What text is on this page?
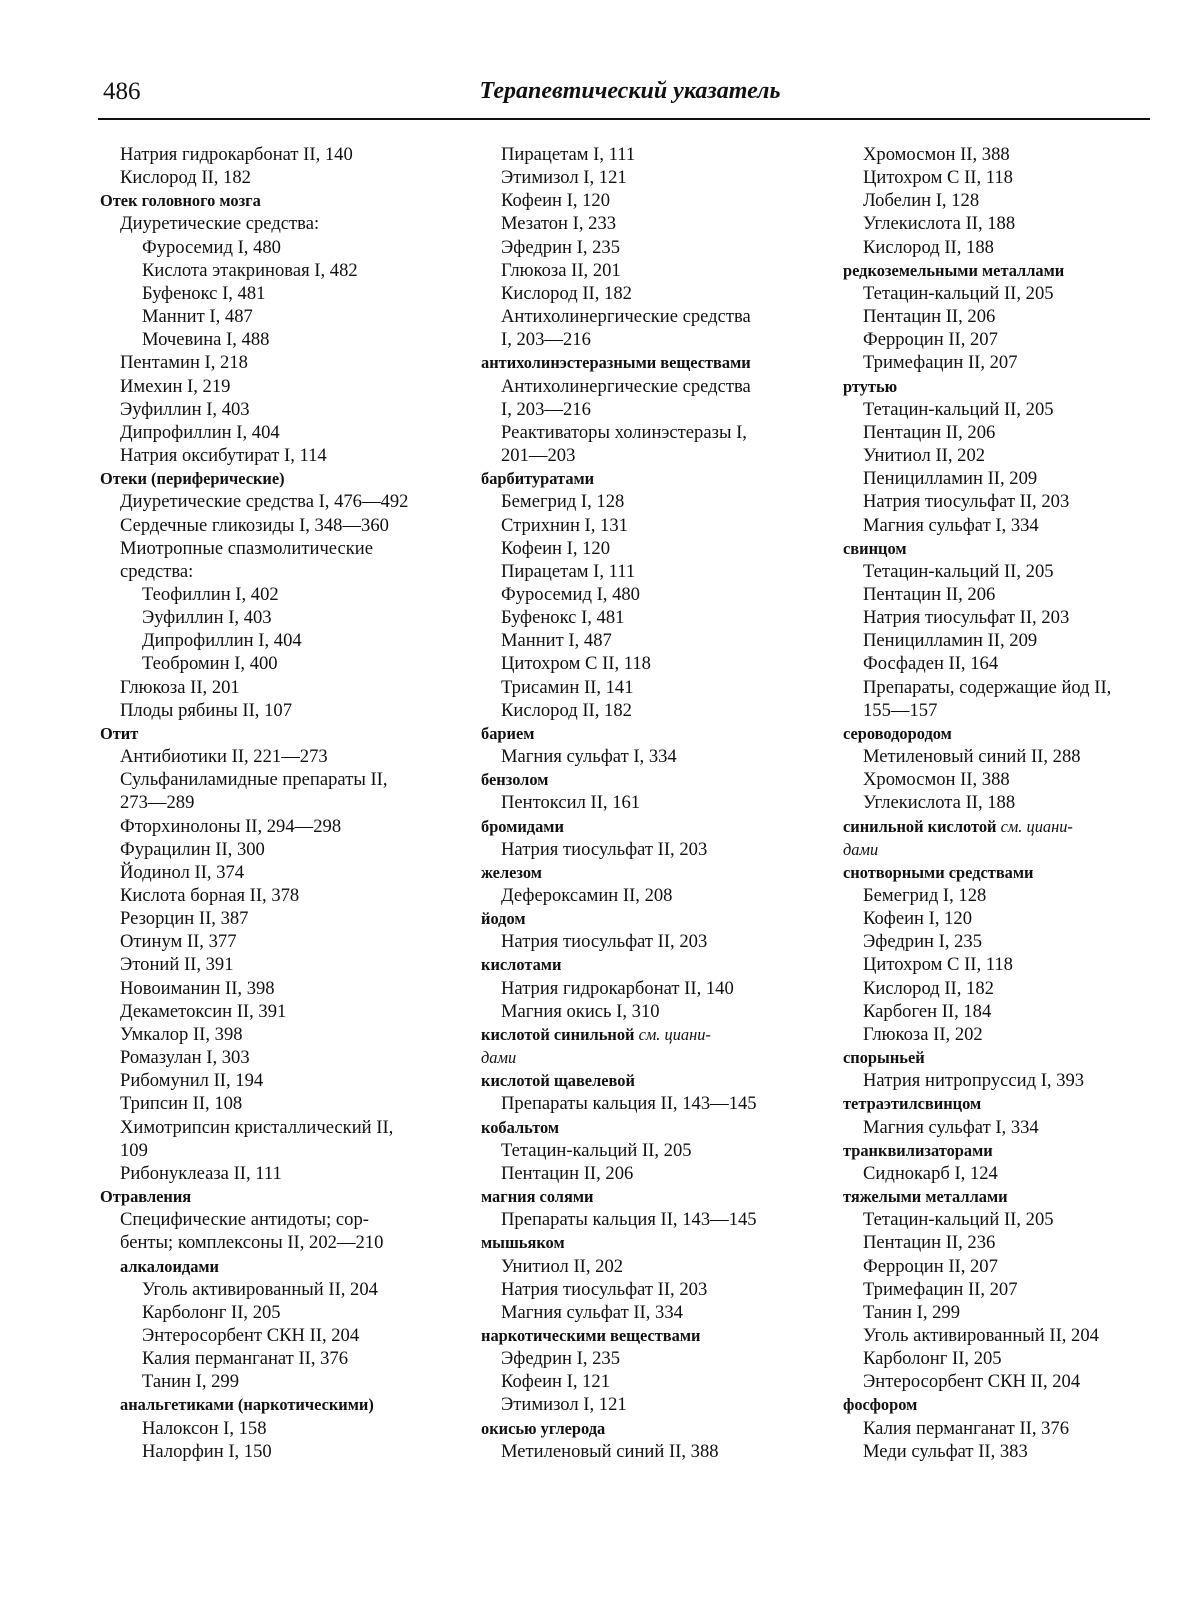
486	Терапевтический указатель
Натрия гидрокарбонат II, 140
Кислород II, 182
Отек головного мозга
Диуретические средства:
Фуросемид I, 480
Кислота этакриновая I, 482
Буфенокс I, 481
Маннит I, 487
Мочевина I, 488
Пентамин I, 218
Имехин I, 219
Эуфиллин I, 403
Дипрофиллин I, 404
Натрия оксибутират I, 114
Отеки (периферические)
Диуретические средства I, 476—492
Сердечные гликозиды I, 348—360
Миотропные спазмолитические
средства:
Теофиллин I, 402
Эуфиллин I, 403
Дипрофиллин I, 404
Теобромин I, 400
Глюкоза II, 201
Плоды рябины II, 107
Отит
Антибиотики II, 221—273
Сульфаниламидные препараты II,
273—289
Фторхинолоны II, 294—298
Фурацилин II, 300
Йодинол II, 374
Кислота борная II, 378
Резорцин II, 387
Отинум II, 377
Этоний II, 391
Новоиманин II, 398
Декаметоксин II, 391
Умкалор II, 398
Ромазулан I, 303
Рибомунил II, 194
Трипсин II, 108
Химотрипсин кристаллический II,
109
Рибонуклеаза II, 111
Отравления
Специфические антидоты; сор-
бенты; комплексоны II, 202—210
алкалоидами
Уголь активированный II, 204
Карболонг II, 205
Энтеросорбент СКН II, 204
Калия перманганат II, 376
Танин I, 299
анальгетиками (наркотическими)
Налоксон I, 158
Налорфин I, 150
Пирацетам I, 111
Этимизол I, 121
Кофеин I, 120
Мезатон I, 233
Эфедрин I, 235
Глюкоза II, 201
Кислород II, 182
Антихолинергические средства
I, 203—216
антихолинэстеразными веществами
Антихолинергические средства
I, 203—216
Реактиваторы холинэстеразы I,
201—203
барбитуратами
Бемегрид I, 128
Стрихнин I, 131
Кофеин I, 120
Пирацетам I, 111
Фуросемид I, 480
Буфенокс I, 481
Маннит I, 487
Цитохром С II, 118
Трисамин II, 141
Кислород II, 182
барием
Магния сульфат I, 334
бензолом
Пентоксил II, 161
бромидами
Натрия тиосульфат II, 203
железом
Дефероксамин II, 208
йодом
Натрия тиосульфат II, 203
кислотами
Натрия гидрокарбонат II, 140
Магния окись I, 310
кислотой синильной см. циани-
дами
кислотой щавелевой
Препараты кальция II, 143—145
кобальтом
Тетацин-кальций II, 205
Пентацин II, 206
магния солями
Препараты кальция II, 143—145
мышьяком
Унитиол II, 202
Натрия тиосульфат II, 203
Магния сульфат II, 334
наркотическими веществами
Эфедрин I, 235
Кофеин I, 121
Этимизол I, 121
окисью углерода
Метиленовый синий II, 388
Хромосмон II, 388
Цитохром С II, 118
Лобелин I, 128
Углекислота II, 188
Кислород II, 188
редкоземельными металлами
Тетацин-кальций II, 205
Пентацин II, 206
Ферроцин II, 207
Тримефацин II, 207
ртутью
Тетацин-кальций II, 205
Пентацин II, 206
Унитиол II, 202
Пеницилламин II, 209
Натрия тиосульфат II, 203
Магния сульфат I, 334
свинцом
Тетацин-кальций II, 205
Пентацин II, 206
Натрия тиосульфат II, 203
Пеницилламин II, 209
Фосфаден II, 164
Препараты, содержащие йод II,
155—157
сероводородом
Метиленовый синий II, 288
Хромосмон II, 388
Углекислота II, 188
синильной кислотой см. циани-
дами
снотворными средствами
Бемегрид I, 128
Кофеин I, 120
Эфедрин I, 235
Цитохром С II, 118
Кислород II, 182
Карбоген II, 184
Глюкоза II, 202
спорыньей
Натрия нитропруссид I, 393
тетраэтилсвинцом
Магния сульфат I, 334
транквилизаторами
Сиднокарб I, 124
тяжелыми металлами
Тетацин-кальций II, 205
Пентацин II, 236
Ферроцин II, 207
Тримефацин II, 207
Танин I, 299
Уголь активированный II, 204
Карболонг II, 205
Энтеросорбент СКН II, 204
фосфором
Калия перманганат II, 376
Меди сульфат II, 383
